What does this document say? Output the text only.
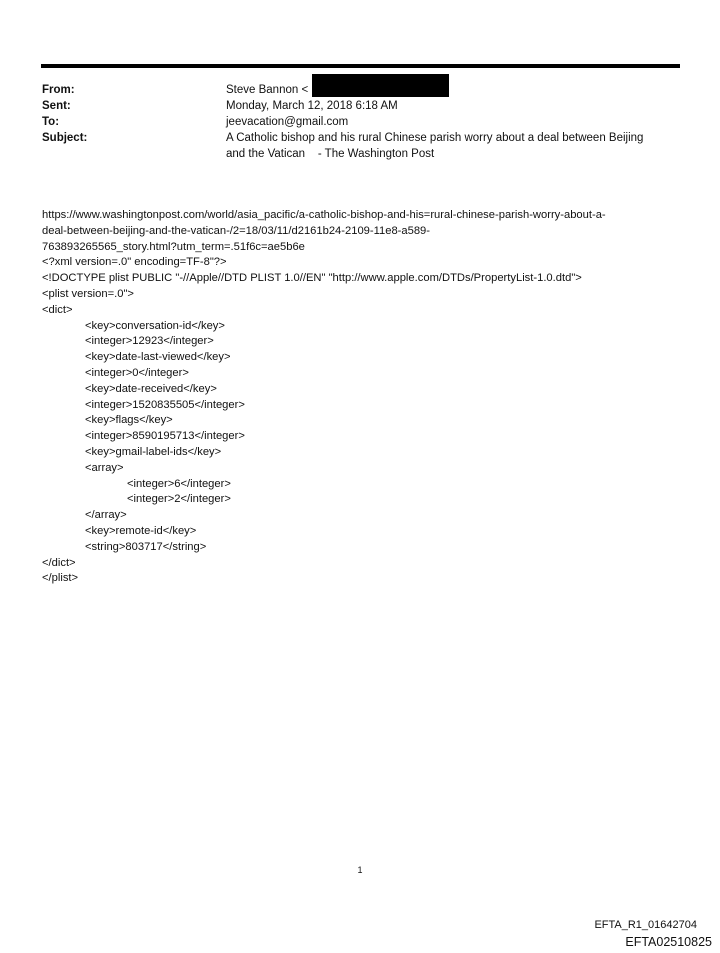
From:	Steve Bannon <
Sent:	Monday, March 12, 2018 6:18 AM
To:	jeevacation@gmail.com
Subject:	A Catholic bishop and his rural Chinese parish worry about a deal between Beijing
and the Vatican    - The Washington Post
https://www.washingtonpost.com/world/asia_pacific/a-catholic-bishop-and-his=rural-chinese-parish-worry-about-a-
deal-between-beijing-and-the-vatican-/2=18/03/11/d2161b24-2109-11e8-a589-
763893265565_story.html?utm_term=.51f6c=ae5b6e
<?xml version=.0" encoding=TF-8"?>
<!DOCTYPE plist PUBLIC "-//Apple//DTD PLIST 1.0//EN" "http://www.apple.com/DTDs/PropertyList-1.0.dtd">
<plist version=.0">
<dict>
<key>conversation-id</key>
<integer>12923</integer>
<key>date-last-viewed</key>
<integer>0</integer>
<key>date-received</key>
<integer>1520835505</integer>
<key>flags</key>
<integer>8590195713</integer>
<key>gmail-label-ids</key>
<array>
<integer>6</integer>
<integer>2</integer>
</array>
<key>remote-id</key>
<string>803717</string>
</dict>
</plist>
1
EFTA_R1_01642704
EFTA02510825
